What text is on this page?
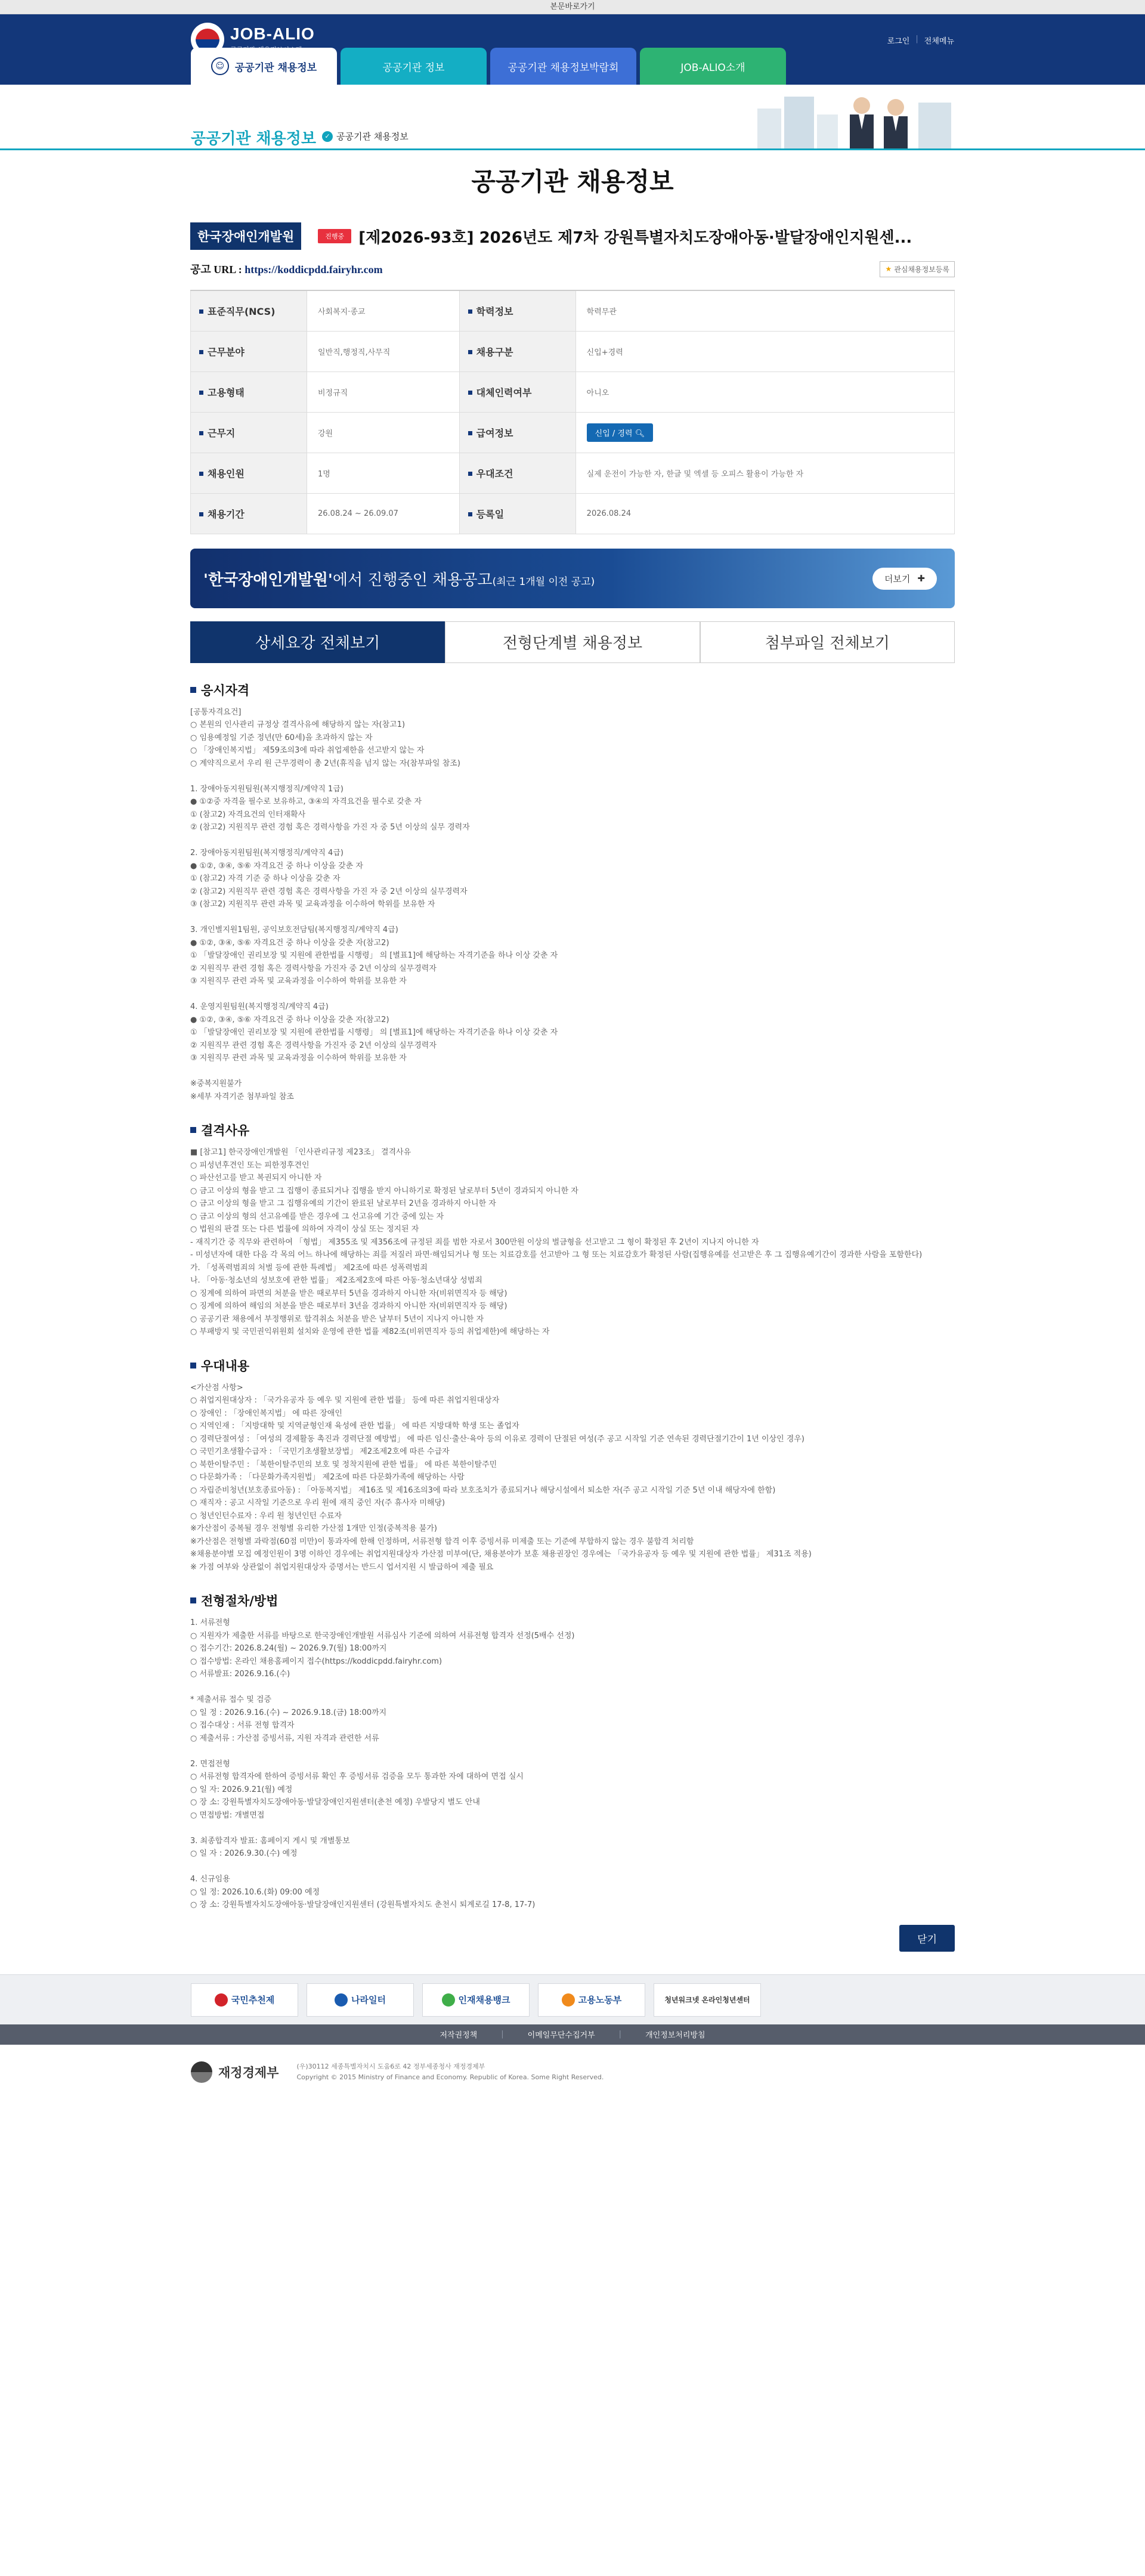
본문바로가기
JOB-ALIO	로그인 | 전체메뉴
☺	공공기관 채용정보	공공기관 정보	공공기관 채용정보박람회	JOB-ALIO소개
공공기관 채용정보	✓ 공공기관 채용정보
공공기관 채용정보
한국장애인개발원	진행중 [제2026-93호] 2026년도 제7차 강원특별자치도장애아동·발달장애인지원센...
공고 URL : https://koddicpdd.fairyhr.com	★ 관심채용정보등록
표준직무(NCS)	사회복지·종교	학력정보	학력무관
근무분야	일반직,행정직,사무직	채용구분	신입+경력
고용형태	비정규직	대체인력여부	아니오
근무지	강원	급여정보	신입 / 경력 🔍︎
채용인원	1명	우대조건	실제 운전이 가능한 자, 한글 및 엑셀 등 오피스 활용이 가능한 자
채용기간	26.08.24 ~ 26.09.07	등록일	2026.08.24
'한국장애인개발원'에서 진행중인 채용공고(최근 1개월 이전 공고)	더보기 ✚
상세요강 전체보기	전형단계별 채용정보	첨부파일 전체보기
응시자격
[공통자격요건]
○ 본원의 인사관리 규정상 결격사유에 해당하지 않는 자(참고1)
○ 임용예정일 기준 정년(만 60세)을 초과하지 않는 자
○ 「장애인복지법」 제59조의3에 따라 취업제한을 선고받지 않는 자
○ 계약직으로서 우리 원 근무경력이 총 2년(휴직을 넘지 않는 자(참부파일 참조)

1. 장애아동지원팀원(복지행정직/계약직 1급)
● ①②중 자격을 필수로 보유하고, ③④의 자격요건을 필수로 갖춘 자
① (참고2) 자격요건의 인터재확사
② (참고2) 지원직무 관련 경험 혹은 경력사항을 가진 자 중 5년 이상의 실무 경력자

2. 장애아동지원팀원(복지행정직/계약직 4급)
● ①②, ③④, ⑤⑥ 자격요건 중 하나 이상을 갖춘 자
① (참고2) 자격 기준 중 하나 이상을 갖춘 자
② (참고2) 지원직무 관련 경험 혹은 경력사항을 가진 자 중 2년 이상의 실무경력자
③ (참고2) 지원직무 관련 과목 및 교육과정을 이수하여 학위를 보유한 자

3. 개인별지원1팀원, 공익보호전담팀(복지행정직/계약직 4급)
● ①②, ③④, ⑤⑥ 자격요건 중 하나 이상을 갖춘 자(참고2)
① 「발달장애인 권리보장 및 지원에 관한법률 시행령」 의 [별표1]에 해당하는 자격기준을 하나 이상 갖춘 자
② 지원직무 관련 경험 혹은 경력사항을 가진자 중 2년 이상의 실무경력자
③ 지원직무 관련 과목 및 교육과정을 이수하여 학위를 보유한 자

4. 운영지원팀원(복지행정직/계약직 4급)
● ①②, ③④, ⑤⑥ 자격요건 중 하나 이상을 갖춘 자(참고2)
① 「발달장애인 권리보장 및 지원에 관한법률 시행령」 의 [별표1]에 해당하는 자격기준을 하나 이상 갖춘 자
② 지원직무 관련 경험 혹은 경력사항을 가진자 중 2년 이상의 실무경력자
③ 지원직무 관련 과목 및 교육과정을 이수하여 학위를 보유한 자

※중복지원불가
※세부 자격기준 첨부파일 참조
결격사유
■ [참고1] 한국장애인개발원 「인사관리규정 제23조」 결격사유
○ 피성년후견인 또는 피한정후견인
○ 파산선고를 받고 복권되지 아니한 자
○ 금고 이상의 형을 받고 그 집행이 종료되거나 집행을 받지 아니하기로 확정된 날로부터 5년이 경과되지 아니한 자
○ 금고 이상의 형을 받고 그 집행유예의 기간이 완료된 날로부터 2년을 경과하지 아니한 자
○ 금고 이상의 형의 선고유예를 받은 경우에 그 선고유예 기간 중에 있는 자
○ 법원의 판결 또는 다른 법률에 의하여 자격이 상실 또는 정지된 자
- 재직기간 중 직무와 관련하여 「형법」 제355조 및 제356조에 규정된 죄를 범한 자로서 300만원 이상의 벌금형을 선고받고 그 형이 확정된 후 2년이 지나지 아니한 자
- 미성년자에 대한 다음 각 목의 어느 하나에 해당하는 죄를 저질러 파면·해임되거나 형 또는 치료감호를 선고받아 그 형 또는 치료감호가 확정된 사람(집행유예를 선고받은 후 그 집행유예기간이 경과한 사람을 포함한다)
가. 「성폭력범죄의 처벌 등에 관한 특례법」 제2조에 따른 성폭력범죄
나. 「아동·청소년의 성보호에 관한 법률」 제2조제2호에 따른 아동·청소년대상 성범죄
○ 징계에 의하여 파면의 처분을 받은 때로부터 5년을 경과하지 아니한 자(비위면직자 등 해당)
○ 징계에 의하여 해임의 처분을 받은 때로부터 3년을 경과하지 아니한 자(비위면직자 등 해당)
○ 공공기관 채용에서 부정행위로 합격취소 처분을 받은 날부터 5년이 지나지 아니한 자
○ 부패방지 및 국민권익위원회 설치와 운영에 관한 법률 제82조(비위면직자 등의 취업제한)에 해당하는 자
우대내용
<가산점 사항>
○ 취업지원대상자 : 「국가유공자 등 예우 및 지원에 관한 법률」 등에 따른 취업지원대상자
○ 장애인 : 「장애인복지법」 에 따른 장애인
○ 지역인재 : 「지방대학 및 지역균형인재 육성에 관한 법률」 에 따른 지방대학 학생 또는 졸업자
○ 경력단절여성 : 「여성의 경제활동 촉진과 경력단절 예방법」 에 따른 임신·출산·육아 등의 이유로 경력이 단절된 여성(주 공고 시작일 기준 연속된 경력단절기간이 1년 이상인 경우)
○ 국민기초생활수급자 : 「국민기초생활보장법」 제2조제2호에 따른 수급자
○ 북한이탈주민 : 「북한이탈주민의 보호 및 정착지원에 관한 법률」 에 따른 북한이탈주민
○ 다문화가족 : 「다문화가족지원법」 제2조에 따른 다문화가족에 해당하는 사람
○ 자립준비청년(보호종료아동) : 「아동복지법」 제16조 및 제16조의3에 따라 보호조치가 종료되거나 해당시설에서 퇴소한 자(주 공고 시작일 기준 5년 이내 해당자에 한함)
○ 재직자 : 공고 시작일 기준으로 우리 원에 재직 중인 자(주 휴사자 미해당)
○ 청년인턴수료자 : 우리 원 청년인턴 수료자
※가산점이 중복될 경우 전형별 유리한 가산점 1개만 인정(중복적용 불가)
※가산점은 전형별 과락점(60점 미만)이 통과자에 한해 인정하며, 서류전형 합격 이후 증빙서류 미제출 또는 기준에 부합하지 않는 경우 불합격 처리함
※채용분야별 모집 예정인원이 3명 이하인 경우에는 취업지원대상자 가산점 미부여(단, 채용분야가 보훈 채용권장인 경우에는 「국가유공자 등 예우 및 지원에 관한 법률」 제31조 적용)
※ 가점 여부와 상관없이 취업지원대상자 증명서는 반드시 업서지원 시 발급하여 제출 필요
전형절차/방법
1. 서류전형
○ 지원자가 제출한 서류를 바탕으로 한국장애인개발원 서류심사 기준에 의하여 서류전형 합격자 선정(5배수 선정)
○ 접수기간: 2026.8.24(월) ~ 2026.9.7(월) 18:00까지
○ 접수방법: 온라인 채용홈페이지 접수(https://koddicpdd.fairyhr.com)
○ 서류발표: 2026.9.16.(수)

* 제출서류 접수 및 검증
○ 일 정 : 2026.9.16.(수) ~ 2026.9.18.(금) 18:00까지
○ 접수대상 : 서류 전형 합격자
○ 제출서류 : 가산점 증빙서류, 지원 자격과 관련한 서류

2. 면접전형
○ 서류전형 합격자에 한하여 증빙서류 확인 후 증빙서류 검증을 모두 통과한 자에 대하여 면접 실시
○ 일 자: 2026.9.21(월) 예정
○ 장 소: 강원특별자치도장애아동·발달장애인지원센터(춘천 예정) 우발당지 별도 안내
○ 면접방법: 개별면접

3. 최종합격자 발표: 홈페이지 게시 및 개별통보
○ 일 자 : 2026.9.30.(수) 예정

4. 신규임용
○ 일 정: 2026.10.6.(화) 09:00 예정
○ 장 소: 강원특별자치도장애아동·발달장애인지원센터 (강원특별자치도 춘천시 퇴계로길 17-8, 17-7)
닫기
국민추천제	나라일터	인재채용뱅크	고용노동부	청년워크넷 온라인청년센터
저작권정책	|	이메일무단수집거부	|	개인정보처리방침
재정경제부	(우)30112 세종특별자치시 도움6로 42 정부세종청사 재정경제부
Copyright © 2015 Ministry of Finance and Economy. Republic of Korea. Some Right Reserved.
